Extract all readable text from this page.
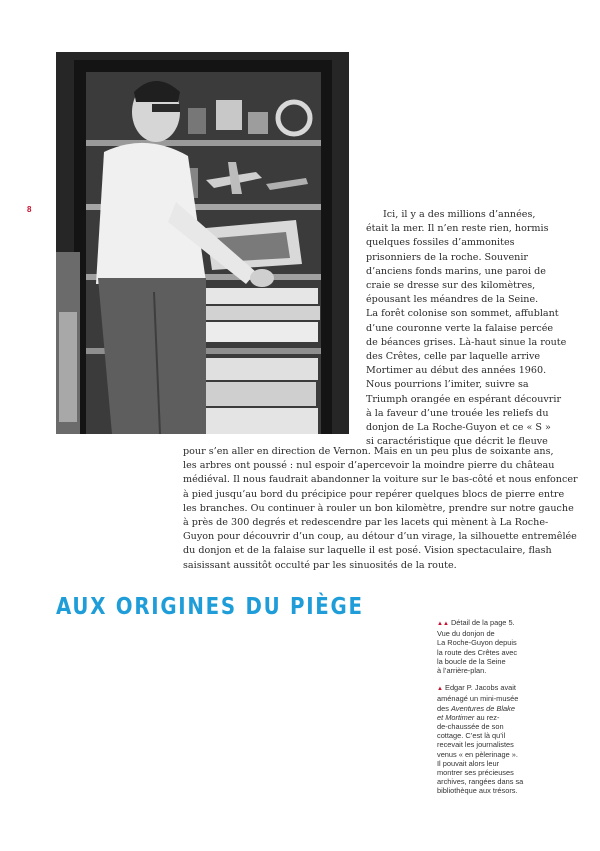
8	Ici, il y a des millions d’années,

était la mer. Il n’en reste rien, hormis

quelques fossiles d’ammonites

prisonniers de la roche. Souvenir

d’anciens fonds marins, une paroi de

craie se dresse sur des kilomètres,

épousant les méandres de la Seine.

La forêt colonise son sommet, affublant

d’une couronne verte la falaise percée

de béances grises. Là-haut sinue la route

des Crêtes, celle par laquelle arrive

Mortimer au début des années 1960.

Nous pourrions l’imiter, suivre sa

Triumph orangée en espérant découvrir

à la faveur d’une trouée les reliefs du

donjon de La Roche-Guyon et ce « S »

si caractéristique que décrit le fleuve

pour s’en aller en direction de Vernon. Mais en un peu plus de soixante ans,

les arbres ont poussé : nul espoir d’apercevoir la moindre pierre du château

médiéval. Il nous faudrait abandonner la voiture sur le bas-côté et nous enfoncer

à pied jusqu’au bord du précipice pour repérer quelques blocs de pierre entre

les branches. Ou continuer à rouler un bon kilomètre, prendre sur notre gauche

à près de 300 degrés et redescendre par les lacets qui mènent à La Roche-

Guyon pour découvrir d’un coup, au détour d’un virage, la silhouette entremêlée

du donjon et de la falaise sur laquelle il est posé. Vision spectaculaire, flash

saisissant aussitôt occulté par les sinuosités de la route.

AUX ORIGINES DU PIÈGE
▲▲ Détail de la page 5.
Vue du donjon de
La Roche-Guyon depuis
la route des Crêtes avec
la boucle de la Seine
à l’arrière-plan.
▲ Edgar P. Jacobs avait
aménagé un mini-musée
des Aventures de Blake
et Mortimer au rez-
de-chaussée de son
cottage. C’est là qu’il
recevait les journalistes
venus « en pèlerinage ».
Il pouvait alors leur
montrer ses précieuses
archives, rangées dans sa
bibliothèque aux trésors.
